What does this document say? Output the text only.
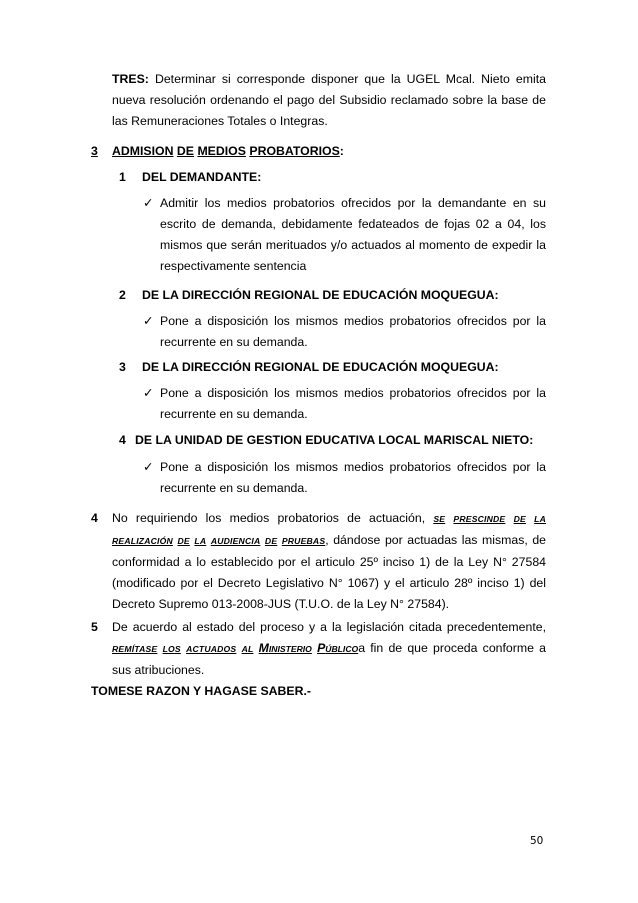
TRES: Determinar si corresponde disponer que la UGEL Mcal. Nieto emita nueva resolución ordenando el pago del Subsidio reclamado sobre la base de las Remuneraciones Totales o Integras.
3 ADMISION DE MEDIOS PROBATORIOS:
1 DEL DEMANDANTE:
✓ Admitir los medios probatorios ofrecidos por la demandante en su escrito de demanda, debidamente fedateados de fojas 02 a 04, los mismos que serán merituados y/o actuados al momento de expedir la respectivamente sentencia
2 DE LA DIRECCIÓN REGIONAL DE EDUCACIÓN MOQUEGUA:
✓ Pone a disposición los mismos medios probatorios ofrecidos por la recurrente en su demanda.
3 DE LA DIRECCIÓN REGIONAL DE EDUCACIÓN MOQUEGUA:
✓ Pone a disposición los mismos medios probatorios ofrecidos por la recurrente en su demanda.
4 DE LA UNIDAD DE GESTION EDUCATIVA LOCAL MARISCAL NIETO:
✓ Pone a disposición los mismos medios probatorios ofrecidos por la recurrente en su demanda.
4 No requiriendo los medios probatorios de actuación, SE PRESCINDE DE LA REALIZACIÓN DE LA AUDIENCIA DE PRUEBAS, dándose por actuadas las mismas, de conformidad a lo establecido por el articulo 25º inciso 1) de la Ley N° 27584 (modificado por el Decreto Legislativo N° 1067) y el articulo 28º inciso 1) del Decreto Supremo 013-2008-JUS (T.U.O. de la Ley N° 27584).
5 De acuerdo al estado del proceso y a la legislación citada precedentemente, REMÍTASE LOS ACTUADOS AL MINISTERIO PÚBLICOa fin de que proceda conforme a sus atribuciones.
TOMESE RAZON Y HAGASE SABER.-
50
